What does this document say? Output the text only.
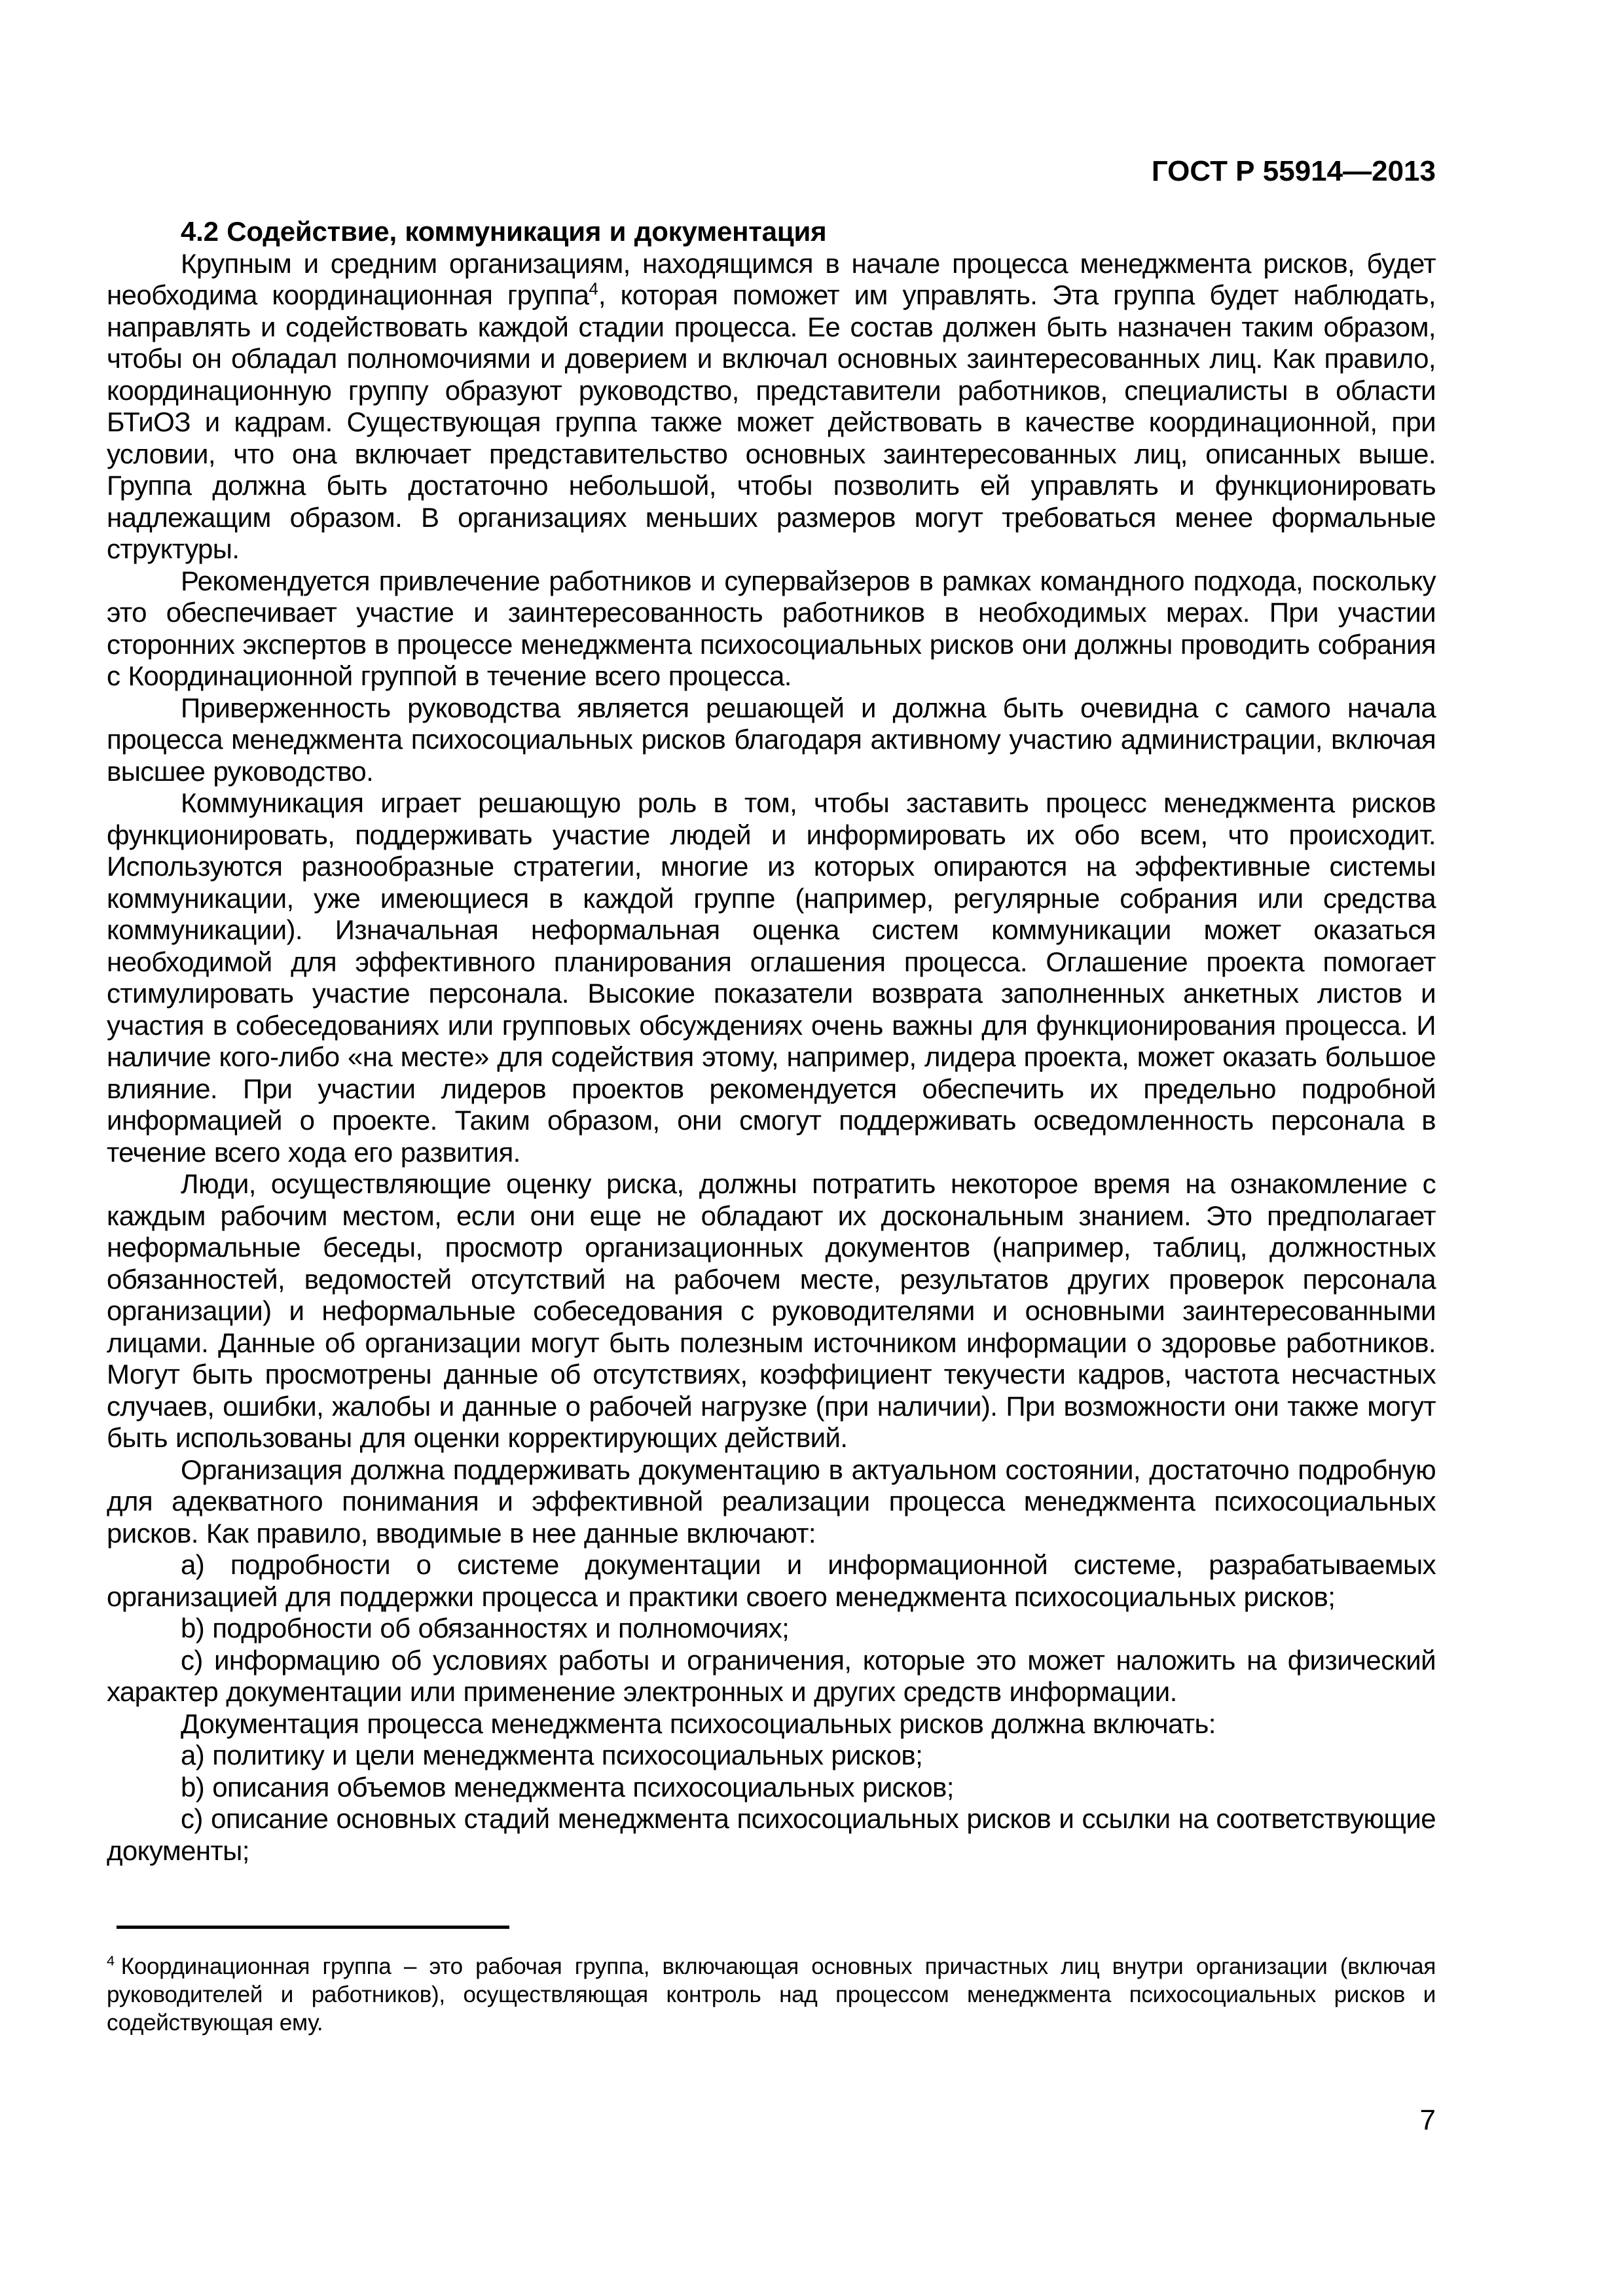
ГОСТ Р 55914—2013

4.2 Содействие, коммуникация и документация

Крупным и средним организациям, находящимся в начале процесса менеджмента рисков, будет необходима координационная группа$^4$, которая поможет им управлять. Эта группа будет наблюдать, направлять и содействовать каждой стадии процесса. Ее состав должен быть назначен таким образом, чтобы он обладал полномочиями и доверием и включал основных заинтересованных лиц. Как правило, координационную группу образуют руководство, представители работников, специалисты в области БТиОЗ и кадрам. Существующая группа также может действовать в качестве координационной, при условии, что она включает представительство основных заинтересованных лиц, описанных выше. Группа должна быть достаточно небольшой, чтобы позволить ей управлять и функционировать надлежащим образом. В организациях меньших размеров могут требоваться менее формальные структуры.

Рекомендуется привлечение работников и супервайзеров в рамках командного подхода, поскольку это обеспечивает участие и заинтересованность работников в необходимых мерах. При участии сторонних экспертов в процессе менеджмента психосоциальных рисков они должны проводить собрания с Координационной группой в течение всего процесса.

Приверженность руководства является решающей и должна быть очевидна с самого начала процесса менеджмента психосоциальных рисков благодаря активному участию администрации, включая высшее руководство.

Коммуникация играет решающую роль в том, чтобы заставить процесс менеджмента рисков функционировать, поддерживать участие людей и информировать их обо всем, что происходит. Используются разнообразные стратегии, многие из которых опираются на эффективные системы коммуникации, уже имеющиеся в каждой группе (например, регулярные собрания или средства коммуникации). Изначальная неформальная оценка систем коммуникации может оказаться необходимой для эффективного планирования оглашения процесса. Оглашение проекта помогает стимулировать участие персонала. Высокие показатели возврата заполненных анкетных листов и участия в собеседованиях или групповых обсуждениях очень важны для функционирования процесса. И наличие кого-либо «на месте» для содействия этому, например, лидера проекта, может оказать большое влияние. При участии лидеров проектов рекомендуется обеспечить их предельно подробной информацией о проекте. Таким образом, они смогут поддерживать осведомленность персонала в течение всего хода его развития.

Люди, осуществляющие оценку риска, должны потратить некоторое время на ознакомление с каждым рабочим местом, если они еще не обладают их доскональным знанием. Это предполагает неформальные беседы, просмотр организационных документов (например, таблиц, должностных обязанностей, ведомостей отсутствий на рабочем месте, результатов других проверок персонала организации) и неформальные собеседования с руководителями и основными заинтересованными лицами. Данные об организации могут быть полезным источником информации о здоровье работников. Могут быть просмотрены данные об отсутствиях, коэффициент текучести кадров, частота несчастных случаев, ошибки, жалобы и данные о рабочей нагрузке (при наличии). При возможности они также могут быть использованы для оценки корректирующих действий.

Организация должна поддерживать документацию в актуальном состоянии, достаточно подробную для адекватного понимания и эффективной реализации процесса менеджмента психосоциальных рисков. Как правило, вводимые в нее данные включают:

a) подробности о системе документации и информационной системе, разрабатываемых организацией для поддержки процесса и практики своего менеджмента психосоциальных рисков;

b) подробности об обязанностях и полномочиях;

c) информацию об условиях работы и ограничения, которые это может наложить на физический характер документации или применение электронных и других средств информации.

Документация процесса менеджмента психосоциальных рисков должна включать:

a) политику и цели менеджмента психосоциальных рисков;

b) описания объемов менеджмента психосоциальных рисков;

c) описание основных стадий менеджмента психосоциальных рисков и ссылки на соответствующие документы;

$^4$ Координационная группа – это рабочая группа, включающая основных причастных лиц внутри организации (включая руководителей и работников), осуществляющая контроль над процессом менеджмента психосоциальных рисков и содействующая ему.

7
